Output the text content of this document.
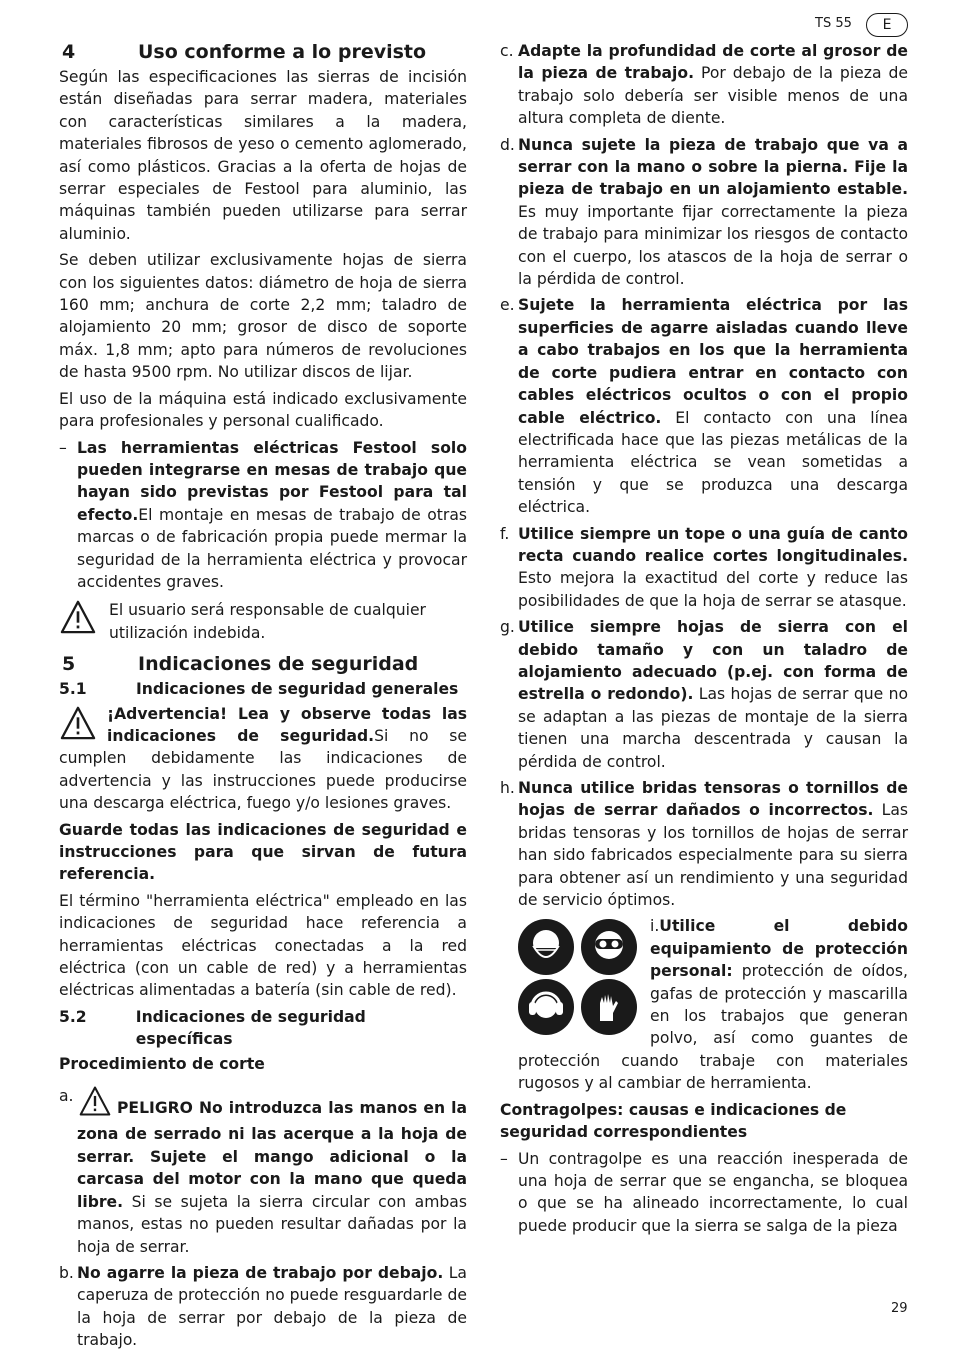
TS 55	E
4	Uso conforme a lo previsto

Según las especificaciones las sierras de incisión están diseñadas para serrar madera, materiales con características similares a la madera, materiales fibrosos de yeso o cemento aglomerado, así como plásticos. Gracias a la oferta de hojas de serrar especiales de Festool para aluminio, las máquinas también pueden utilizarse para serrar aluminio.

Se deben utilizar exclusivamente hojas de sierra con los siguientes datos: diámetro de hoja de sierra 160 mm; anchura de corte 2,2 mm; taladro de alojamiento 20 mm; grosor de disco de soporte máx. 1,8 mm; apto para números de revoluciones de hasta 9500 rpm. No utilizar discos de lijar.

El uso de la máquina está indicado exclusivamente para profesionales y personal cualificado.

– Las herramientas eléctricas Festool solo pueden integrarse en mesas de trabajo que hayan sido previstas por Festool para tal efecto.El montaje en mesas de trabajo de otras marcas o de fabricación propia puede mermar la seguridad de la herramienta eléctrica y provocar accidentes graves.
El usuario será responsable de cualquier utilización indebida.
5	Indicaciones de seguridad
5.1	Indicaciones de seguridad generales

¡Advertencia! Lea y observe todas las indicaciones de seguridad.Si no se cumplen debidamente las indicaciones de advertencia y las instrucciones puede producirse una descarga eléctrica, fuego y/o lesiones graves.

Guarde todas las indicaciones de seguridad e instrucciones para que sirvan de futura referencia.

El término "herramienta eléctrica" empleado en las indicaciones de seguridad hace referencia a herramientas eléctricas conectadas a la red eléctrica (con un cable de red) y a herramientas eléctricas alimentadas a batería (sin cable de red).

5.2	Indicaciones de seguridad específicas

Procedimiento de corte

a.
PELIGRO No introduzca las manos en la zona de serrado ni las acerque a la hoja de serrar. Sujete el mango adicional o la carcasa del motor con la mano que queda libre. Si se sujeta la sierra circular con ambas manos, estas no pueden resultar dañadas por la hoja de serrar.
b. No agarre la pieza de trabajo por debajo. La caperuza de protección no puede resguardarle de la hoja de serrar por debajo de la pieza de trabajo.
c. Adapte la profundidad de corte al grosor de la pieza de trabajo. Por debajo de la pieza de trabajo solo debería ser visible menos de una altura completa de diente.
d. Nunca sujete la pieza de trabajo que va a serrar con la mano o sobre la pierna. Fije la pieza de trabajo en un alojamiento estable. Es muy importante fijar correctamente la pieza de trabajo para minimizar los riesgos de contacto con el cuerpo, los atascos de la hoja de serrar o la pérdida de control.
e. Sujete la herramienta eléctrica por las superficies de agarre aisladas cuando lleve a cabo trabajos en los que la herramienta de corte pudiera entrar en contacto con cables eléctricos ocultos o con el propio cable eléctrico. El contacto con una línea electrificada hace que las piezas metálicas de la herramienta eléctrica se vean sometidas a tensión y que se produzca una descarga eléctrica.
f. Utilice siempre un tope o una guía de canto recta cuando realice cortes longitudinales. Esto mejora la exactitud del corte y reduce las posibilidades de que la hoja de serrar se atasque.
g. Utilice siempre hojas de sierra con el debido tamaño y con un taladro de alojamiento adecuado (p.ej. con forma de estrella o redondo). Las hojas de serrar que no se adaptan a las piezas de montaje de la sierra tienen una marcha descentrada y causan la pérdida de control.
h. Nunca utilice bridas tensoras o tornillos de hojas de serrar dañados o incorrectos. Las bridas tensoras y los tornillos de hojas de serrar han sido fabricados especialmente para su sierra para obtener así un rendimiento y una seguridad de servicio óptimos.
i.Utilice el debido equipamiento de protección personal: protección de oídos, gafas de protección y mascarilla en los trabajos que generan polvo, así como guantes de protección cuando trabaje con materiales rugosos y al cambiar de herramienta.

Contragolpes: causas e indicaciones de seguridad correspondientes

– Un contragolpe es una reacción inesperada de una hoja de serrar que se engancha, se bloquea o que se ha alineado incorrectamente, lo cual puede producir que la sierra se salga de la pieza
29
